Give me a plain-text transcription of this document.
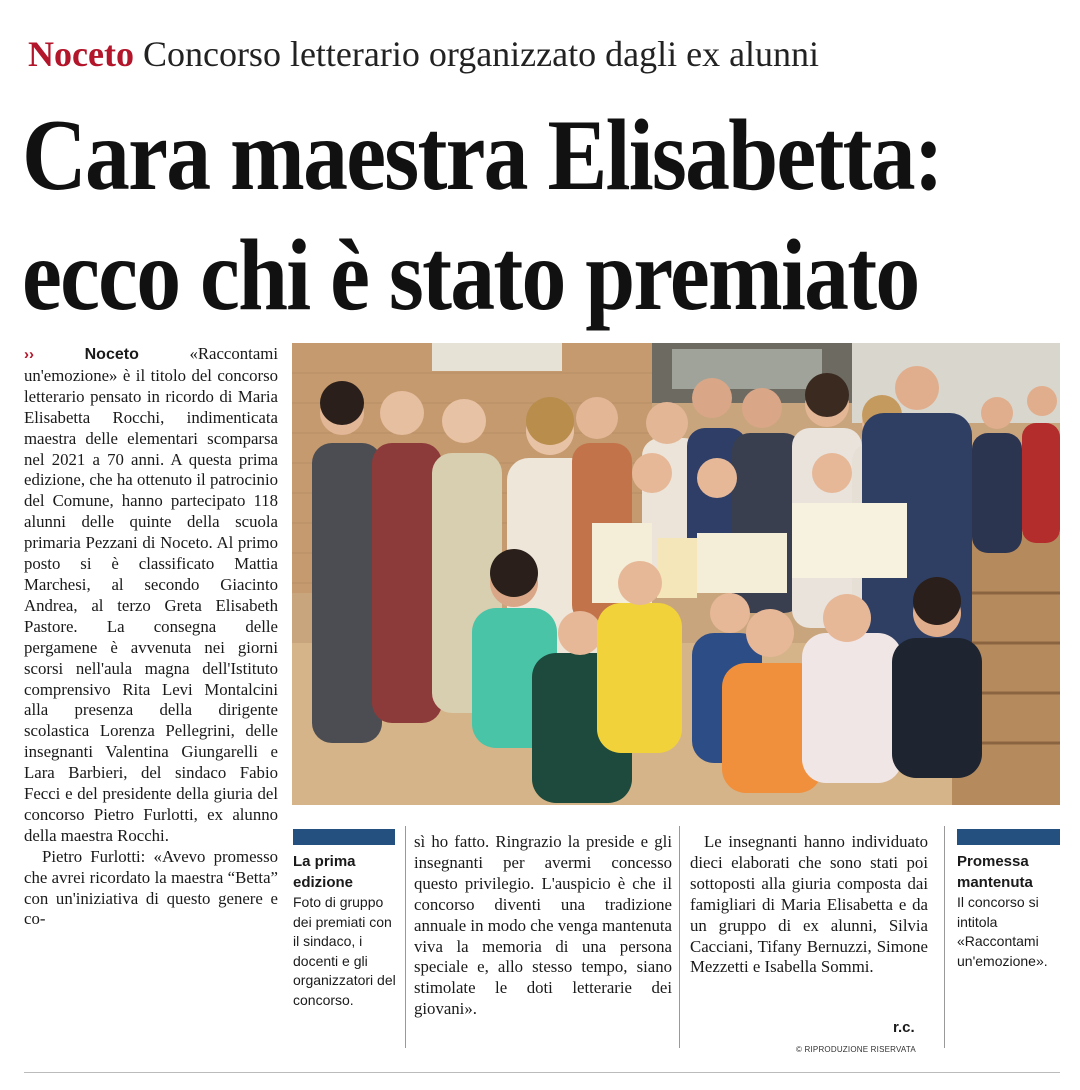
Noceto Concorso letterario organizzato dagli ex alunni
Cara maestra Elisabetta:
ecco chi è stato premiato

››	Noceto «Raccontami un'emozione» è il titolo del concorso letterario pensato in ricordo di Maria Elisabetta Rocchi, indimenticata maestra delle elementari scomparsa nel 2021 a 70 anni. A questa prima edizione, che ha ottenuto il patrocinio del Comune, hanno partecipato 118 alunni delle quinte della scuola primaria Pezzani di Noceto. Al primo posto si è classificato Mattia Marchesi, al secondo Giacinto Andrea, al terzo Greta Elisabeth Pastore. La consegna delle pergamene è avvenuta nei giorni scorsi nell'aula magna dell'Istituto comprensivo Rita Levi Montalcini alla presenza della dirigente scolastica Lorenza Pellegrini, delle insegnanti Valentina Giungarelli e Lara Barbieri, del sindaco Fabio Fecci e del presidente della giuria del concorso Pietro Furlotti, ex alunno della maestra Rocchi.

Pietro Furlotti: «Avevo promesso che avrei ricordato la maestra “Betta” con un'iniziativa di questo genere e co-

La prima edizione
Foto di gruppo dei premiati con il sindaco, i docenti e gli organizzatori del concorso.

sì ho fatto. Ringrazio la preside e gli insegnanti per avermi concesso questo privilegio. L'auspicio è che il concorso diventi una tradizione annuale in modo che venga mantenuta viva la memoria di una persona speciale e, allo stesso tempo, siano stimolate le doti letterarie dei giovani».

Le insegnanti hanno individuato dieci elaborati che sono stati poi sottoposti alla giuria composta dai famigliari di Maria Elisabetta e da un gruppo di ex alunni, Silvia Cacciani, Tifany Bernuzzi, Simone Mezzetti e Isabella Sommi.

r.c.
© RIPRODUZIONE RISERVATA
Promessa mantenuta
Il concorso si intitola «Raccontami un'emozione».
